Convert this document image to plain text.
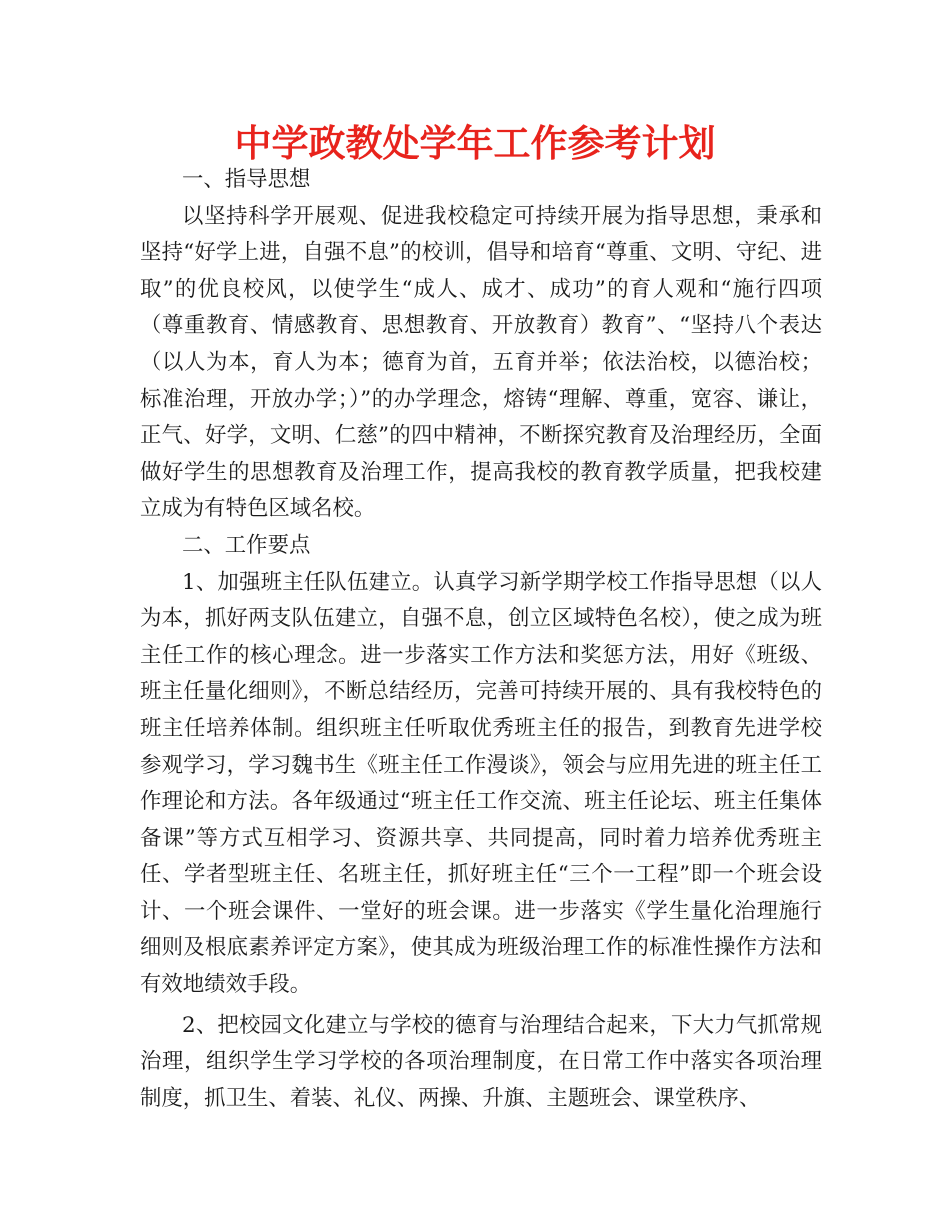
中学政教处学年工作参考计划

一、指导思想

以坚持科学开展观、促进我校稳定可持续开展为指导思想，秉承和坚持“好学上进，自强不息”的校训，倡导和培育“尊重、文明、守纪、进取”的优良校风，以使学生“成人、成才、成功”的育人观和“施行四项（尊重教育、情感教育、思想教育、开放教育）教育”、“坚持八个表达（以人为本，育人为本；德育为首，五育并举；依法治校，以德治校；标准治理，开放办学；）”的办学理念，熔铸“理解、尊重，宽容、谦让，正气、好学，文明、仁慈”的四中精神，不断探究教育及治理经历，全面做好学生的思想教育及治理工作，提高我校的教育教学质量，把我校建立成为有特色区域名校。

二、工作要点

1、加强班主任队伍建立。认真学习新学期学校工作指导思想（以人为本，抓好两支队伍建立，自强不息，创立区域特色名校），使之成为班主任工作的核心理念。进一步落实工作方法和奖惩方法，用好《班级、班主任量化细则》，不断总结经历，完善可持续开展的、具有我校特色的班主任培养体制。组织班主任听取优秀班主任的报告，到教育先进学校参观学习，学习魏书生《班主任工作漫谈》，领会与应用先进的班主任工作理论和方法。各年级通过“班主任工作交流、班主任论坛、班主任集体备课”等方式互相学习、资源共享、共同提高，同时着力培养优秀班主任、学者型班主任、名班主任，抓好班主任“三个一工程”即一个班会设计、一个班会课件、一堂好的班会课。进一步落实《学生量化治理施行细则及根底素养评定方案》，使其成为班级治理工作的标准性操作方法和有效地绩效手段。

2、把校园文化建立与学校的德育与治理结合起来，下大力气抓常规治理，组织学生学习学校的各项治理制度，在日常工作中落实各项治理制度，抓卫生、着装、礼仪、两操、升旗、主题班会、课堂秩序、
